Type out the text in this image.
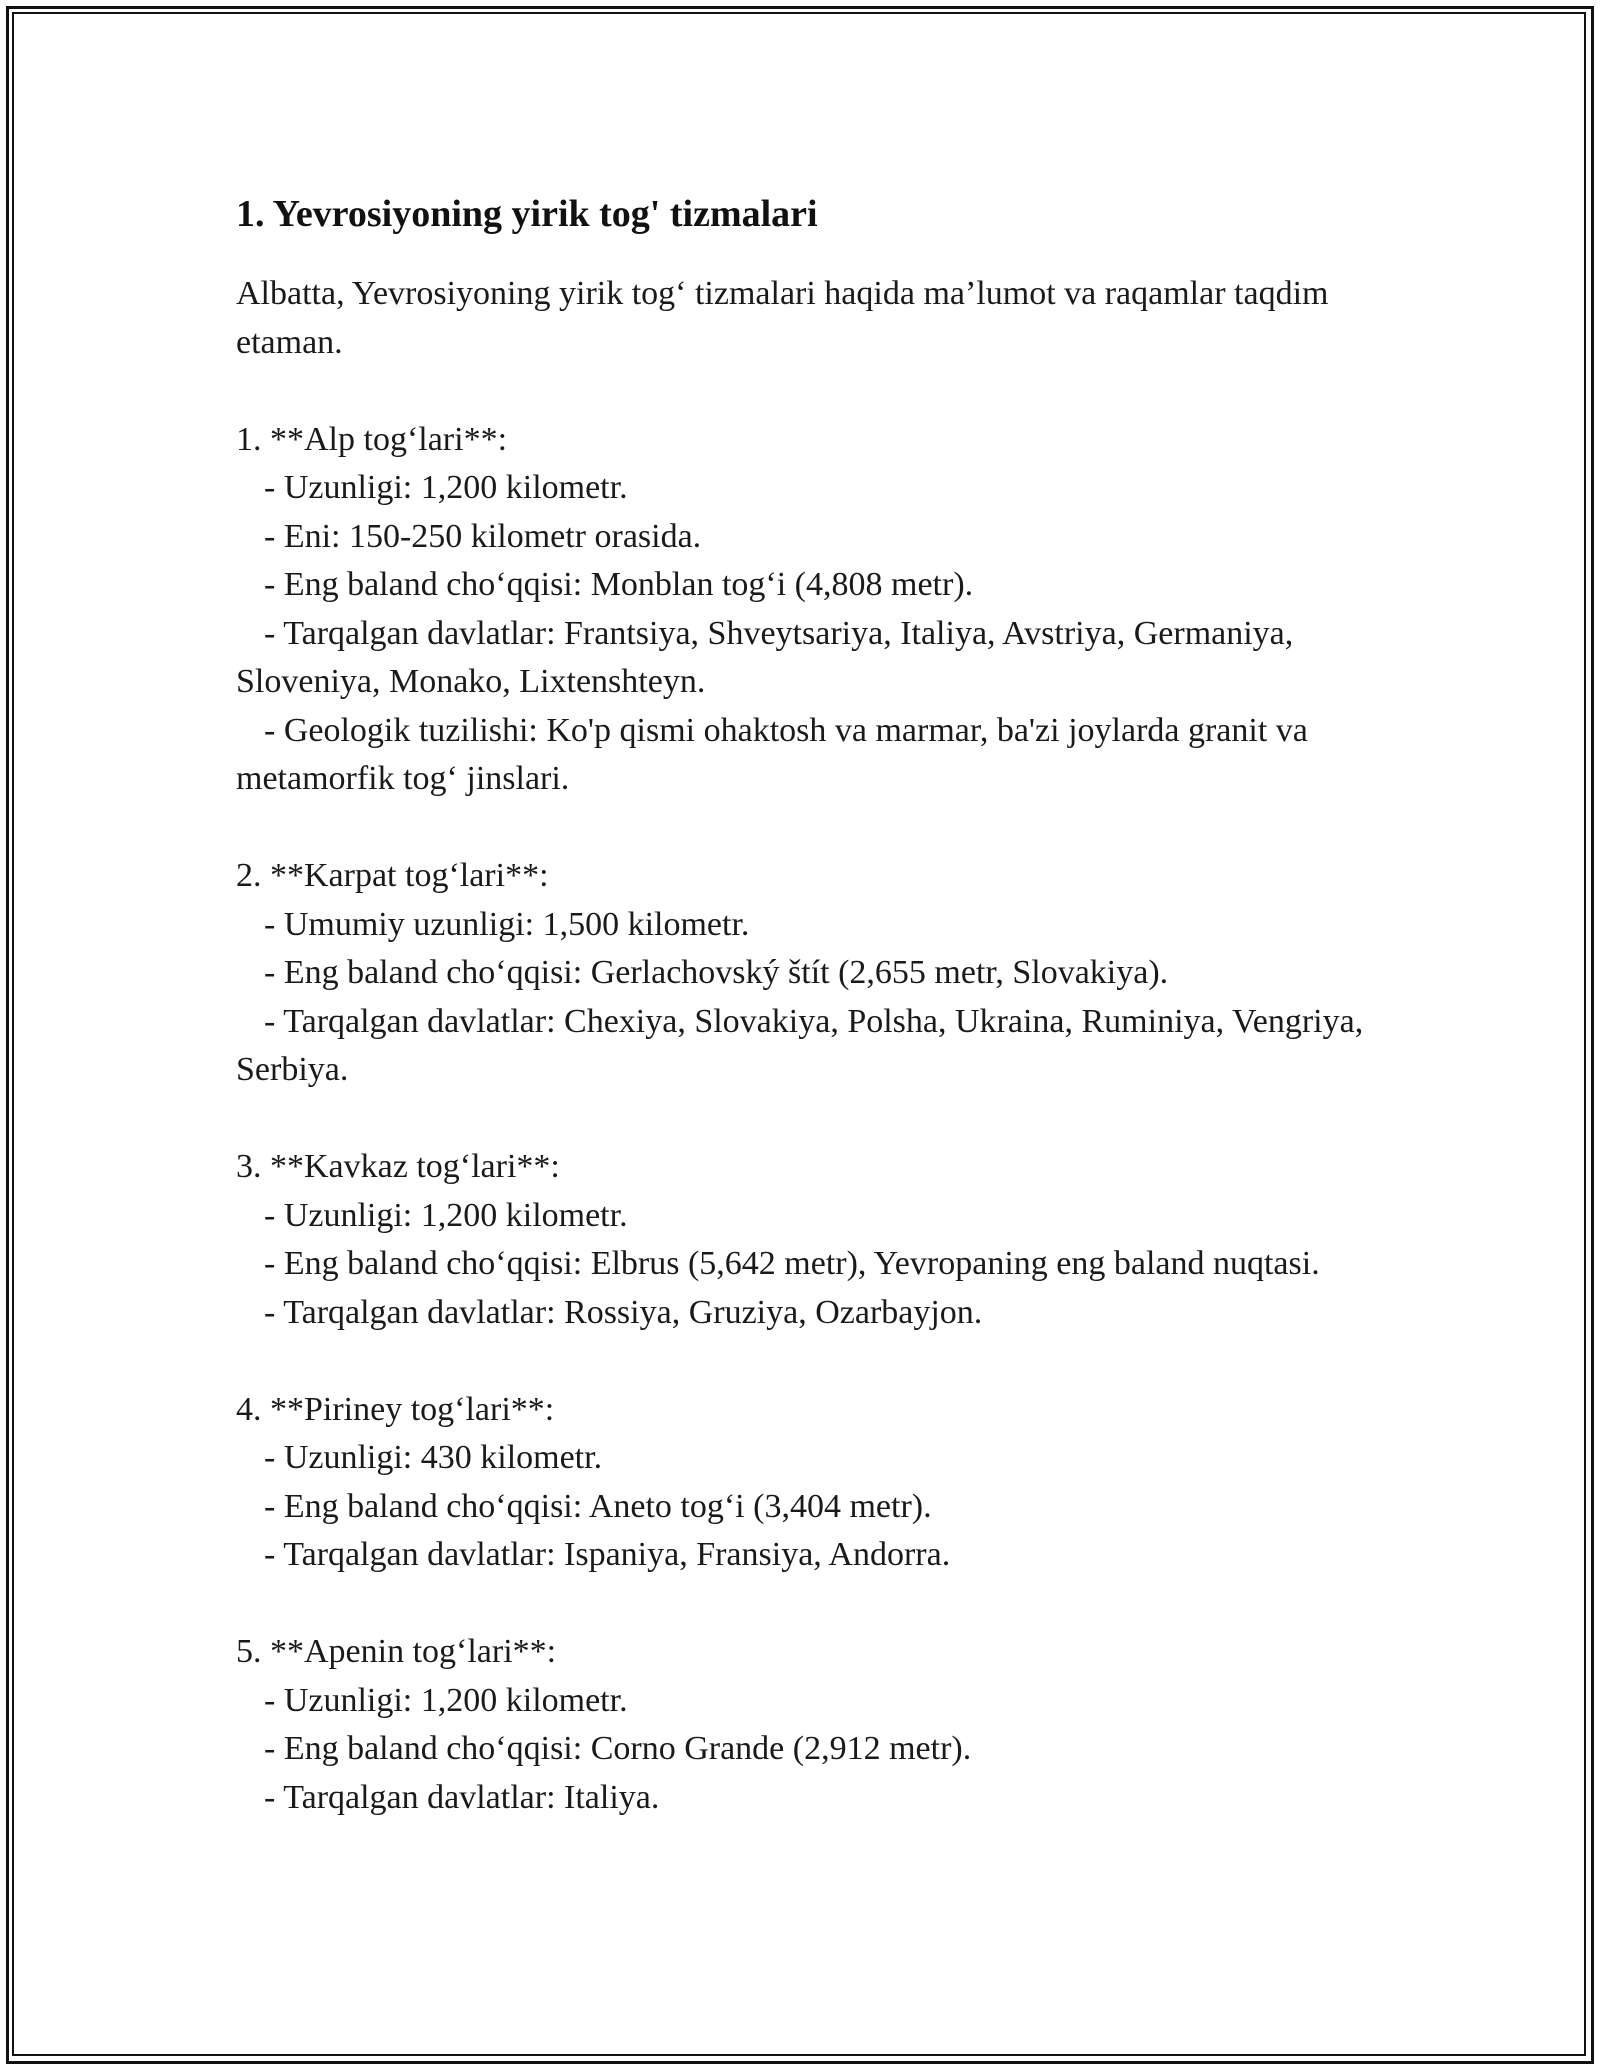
1. Yevrosiyoning yirik tog' tizmalari

Albatta, Yevrosiyoning yirik tog‘ tizmalari haqida ma’lumot va raqamlar taqdim etaman.

1. **Alp tog‘lari**:

- Uzunligi: 1,200 kilometr.

- Eni: 150-250 kilometr orasida.

- Eng baland cho‘qqisi: Monblan tog‘i (4,808 metr).

- Tarqalgan davlatlar: Frantsiya, Shveytsariya, Italiya, Avstriya, Germaniya, Sloveniya, Monako, Lixtenshteyn.

- Geologik tuzilishi: Ko'p qismi ohaktosh va marmar, ba'zi joylarda granit va metamorfik tog‘ jinslari.

2. **Karpat tog‘lari**:

- Umumiy uzunligi: 1,500 kilometr.

- Eng baland cho‘qqisi: Gerlachovský štít (2,655 metr, Slovakiya).

- Tarqalgan davlatlar: Chexiya, Slovakiya, Polsha, Ukraina, Ruminiya, Vengriya, Serbiya.

3. **Kavkaz tog‘lari**:

- Uzunligi: 1,200 kilometr.

- Eng baland cho‘qqisi: Elbrus (5,642 metr), Yevropaning eng baland nuqtasi.

- Tarqalgan davlatlar: Rossiya, Gruziya, Ozarbayjon.

4. **Piriney tog‘lari**:

- Uzunligi: 430 kilometr.

- Eng baland cho‘qqisi: Aneto tog‘i (3,404 metr).

- Tarqalgan davlatlar: Ispaniya, Fransiya, Andorra.

5. **Apenin tog‘lari**:

- Uzunligi: 1,200 kilometr.

- Eng baland cho‘qqisi: Corno Grande (2,912 metr).

- Tarqalgan davlatlar: Italiya.
